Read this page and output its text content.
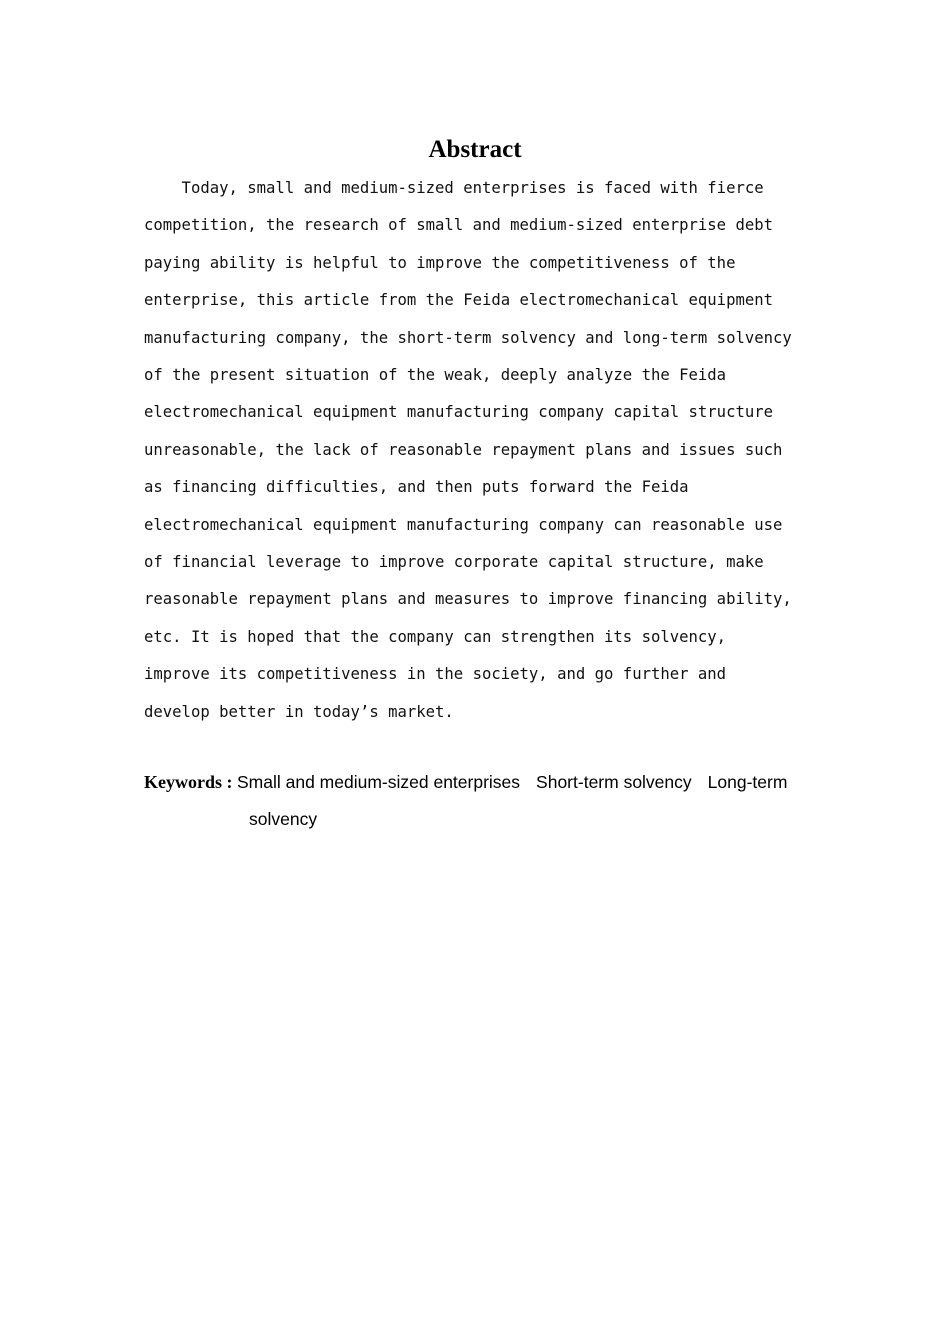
Abstract
Today, small and medium-sized enterprises is faced with fierce
competition, the research of small and medium-sized enterprise debt
paying ability is helpful to improve the competitiveness of the
enterprise, this article from the Feida electromechanical equipment
manufacturing company, the short-term solvency and long-term solvency
of the present situation of the weak, deeply analyze the Feida
electromechanical equipment manufacturing company capital structure
unreasonable, the lack of reasonable repayment plans and issues such
as financing difficulties, and then puts forward the Feida
electromechanical equipment manufacturing company can reasonable use
of financial leverage to improve corporate capital structure, make
reasonable repayment plans and measures to improve financing ability,
etc. It is hoped that the company can strengthen its solvency,
improve its competitiveness in the society, and go further and
develop better in today’s market.
Keywords : Small and medium-sized enterprises Short-term solvency Long-term
solvency
